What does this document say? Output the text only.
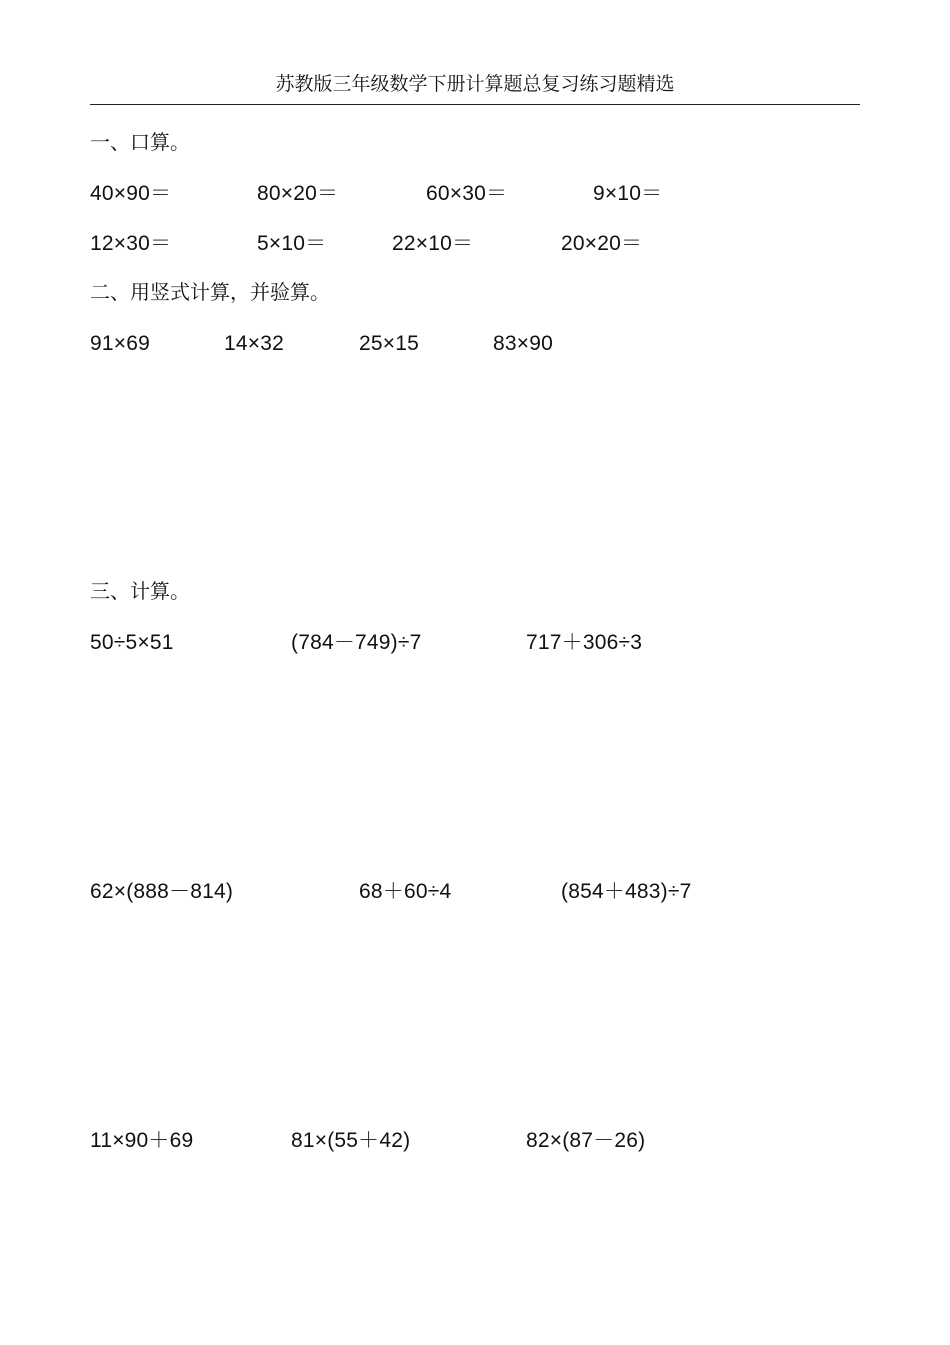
苏教版三年级数学下册计算题总复习练习题精选
一、口算。
40×90＝	80×20＝	60×30＝	9×10＝
12×30＝	5×10＝	22×10＝	20×20＝
二、用竖式计算，并验算。
91×69	14×32	25×15	83×90
三、计算。
50÷5×51	(784－749)÷7	717＋306÷3
62×(888－814)	68＋60÷4	(854＋483)÷7
11×90＋69	81×(55＋42)	82×(87－26)
